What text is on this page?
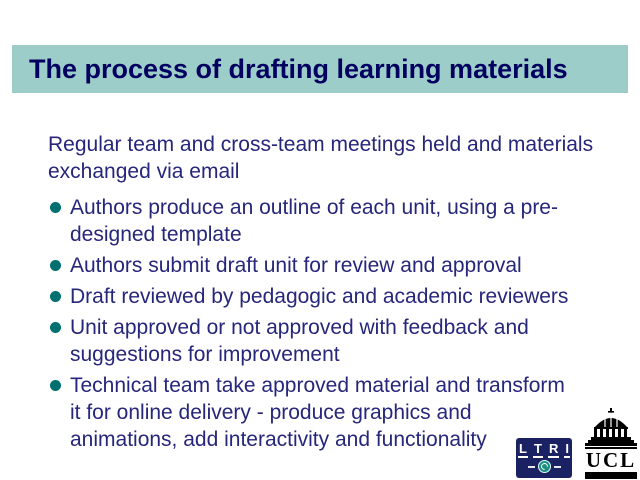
The process of drafting learning materials

Regular team and cross-team meetings held and materials
exchanged via email

Authors produce an outline of each unit, using a pre-
designed template
Authors submit draft unit for review and approval
Draft reviewed by pedagogic and academic reviewers
Unit approved or not approved with feedback and
suggestions for improvement
Technical team take approved material and transform
it for online delivery - produce graphics and
animations, add interactivity and functionality	L T R I UCL
